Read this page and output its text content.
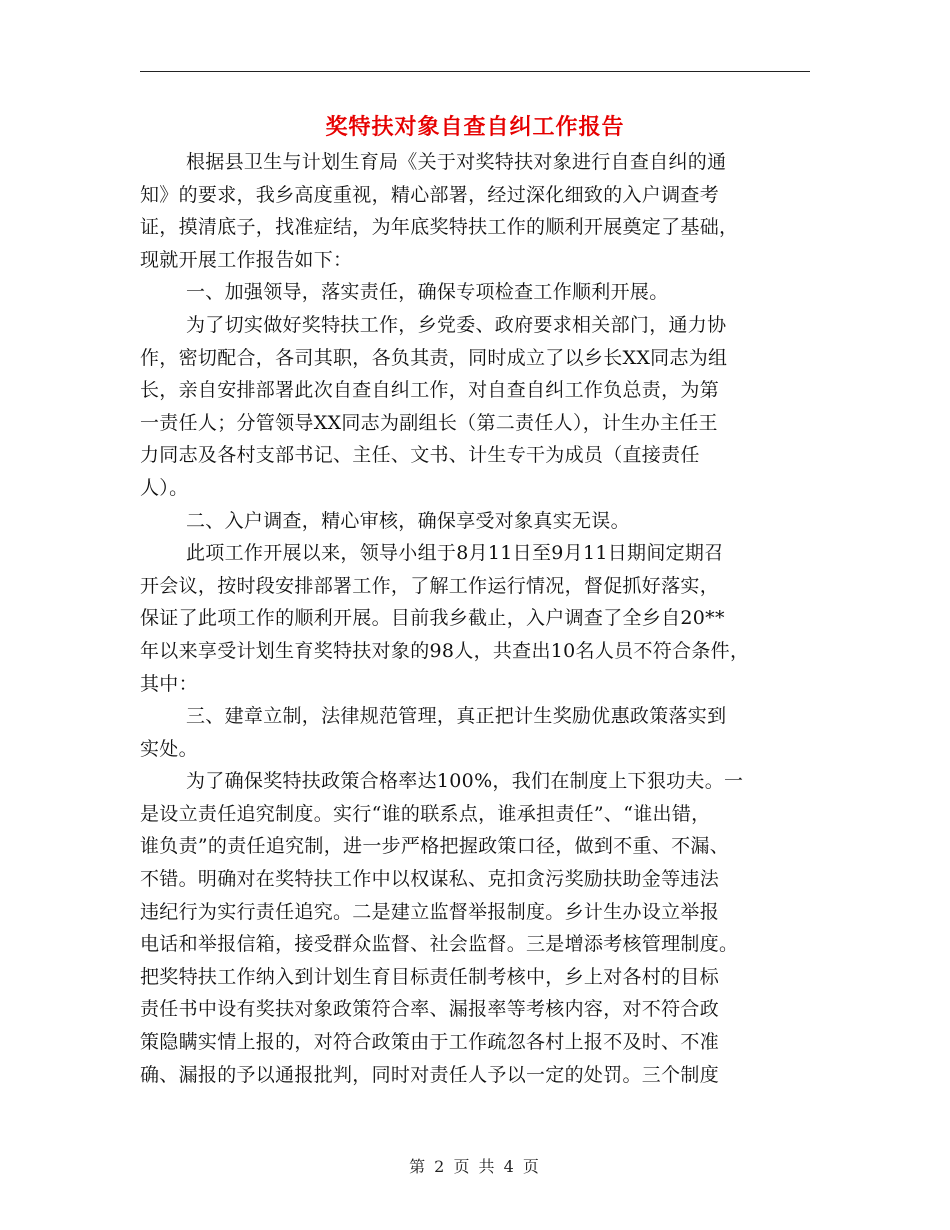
奖特扶对象自查自纠工作报告
根据县卫生与计划生育局《关于对奖特扶对象进行自查自纠的通
知》的要求，我乡高度重视，精心部署，经过深化细致的入户调查考
证，摸清底子，找准症结，为年底奖特扶工作的顺利开展奠定了基础，
现就开展工作报告如下：
一、加强领导，落实责任，确保专项检查工作顺利开展。
为了切实做好奖特扶工作，乡党委、政府要求相关部门，通力协
作，密切配合，各司其职，各负其责，同时成立了以乡长XX同志为组
长，亲自安排部署此次自查自纠工作，对自查自纠工作负总责，为第
一责任人；分管领导XX同志为副组长（第二责任人），计生办主任王
力同志及各村支部书记、主任、文书、计生专干为成员（直接责任
人）。
二、入户调查，精心审核，确保享受对象真实无误。
此项工作开展以来，领导小组于8月11日至9月11日期间定期召
开会议，按时段安排部署工作，了解工作运行情况，督促抓好落实，
保证了此项工作的顺利开展。目前我乡截止，入户调查了全乡自20**
年以来享受计划生育奖特扶对象的98人，共查出10名人员不符合条件，
其中：
三、建章立制，法律规范管理，真正把计生奖励优惠政策落实到
实处。
为了确保奖特扶政策合格率达100%，我们在制度上下狠功夫。一
是设立责任追究制度。实行“谁的联系点，谁承担责任”、“谁出错，
谁负责”的责任追究制，进一步严格把握政策口径，做到不重、不漏、
不错。明确对在奖特扶工作中以权谋私、克扣贪污奖励扶助金等违法
违纪行为实行责任追究。二是建立监督举报制度。乡计生办设立举报
电话和举报信箱，接受群众监督、社会监督。三是增添考核管理制度。
把奖特扶工作纳入到计划生育目标责任制考核中，乡上对各村的目标
责任书中设有奖扶对象政策符合率、漏报率等考核内容，对不符合政
策隐瞒实情上报的，对符合政策由于工作疏忽各村上报不及时、不准
确、漏报的予以通报批判，同时对责任人予以一定的处罚。三个制度
第 2 页 共 4 页
